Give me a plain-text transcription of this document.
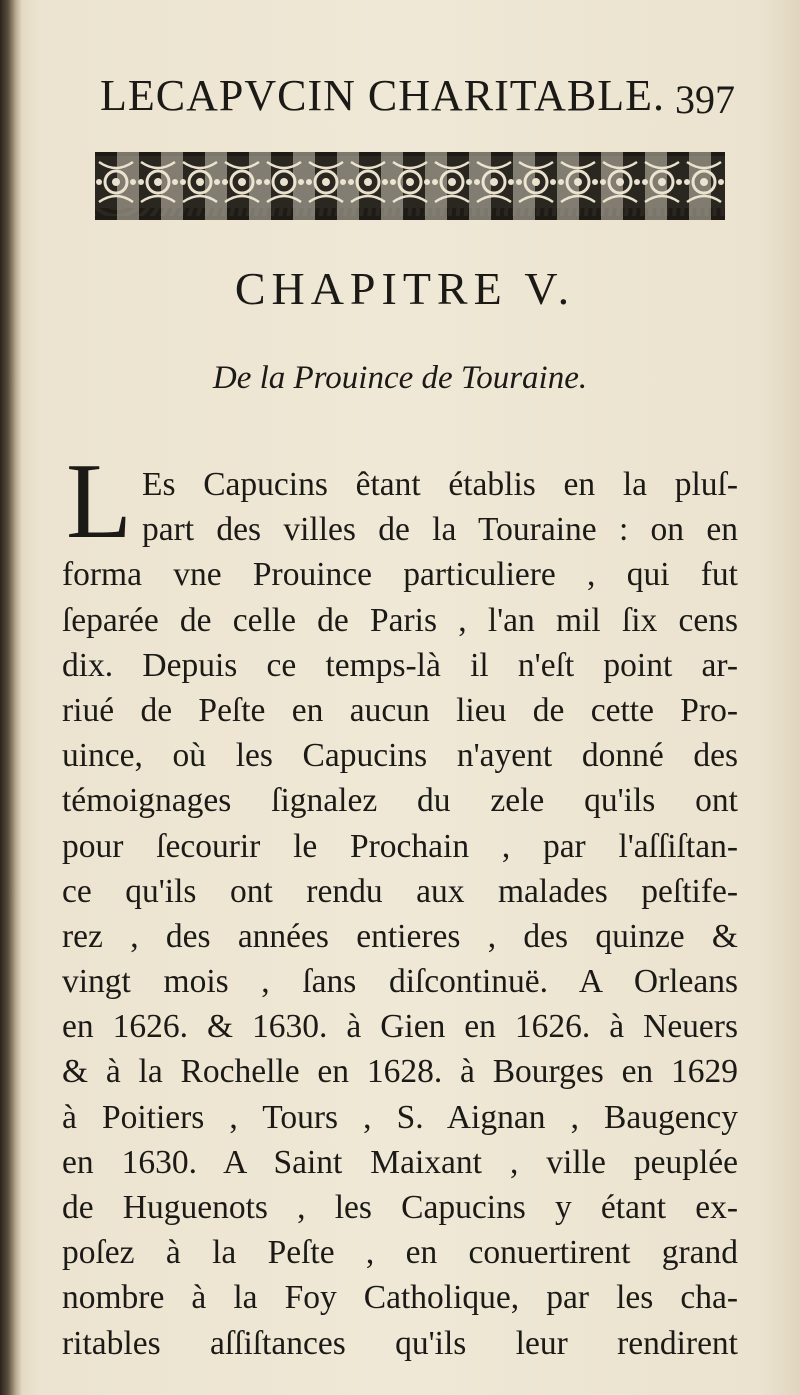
LECAPVCIN CHARITABLE. 397
CHAPITRE V.
De la Prouince de Touraine.
L Es Capucins êtant établis en la pluſ-
part des villes de la Touraine : on en
forma vne Prouince particuliere , qui fut
ſeparée de celle de Paris , l'an mil ſix cens
dix. Depuis ce temps-là il n'eſt point ar-
riué de Peſte en aucun lieu de cette Pro-
uince, où les Capucins n'ayent donné des
témoignages ſignalez du zele qu'ils ont
pour ſecourir le Prochain , par l'aſſiſtan-
ce qu'ils ont rendu aux malades peſtife-
rez , des années entieres , des quinze &
vingt mois , ſans diſcontinuë. A Orleans
en 1626. & 1630. à Gien en 1626. à Neuers
& à la Rochelle en 1628. à Bourges en 1629
à Poitiers , Tours , S. Aignan , Baugency
en 1630. A Saint Maixant , ville peuplée
de Huguenots , les Capucins y étant ex-
poſez à la Peſte , en conuertirent grand
nombre à la Foy Catholique, par les cha-
ritables aſſiſtances qu'ils leur rendirent
